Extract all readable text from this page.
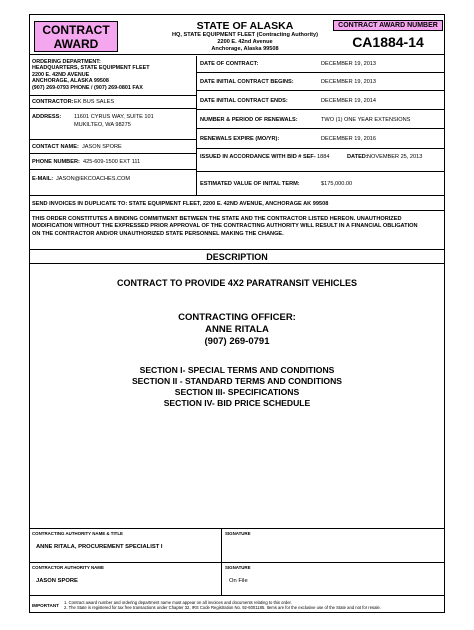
CONTRACT
AWARD
STATE OF ALASKA
HQ, STATE EQUIPMENT FLEET (Contracting Authority)
2200 E. 42nd Avenue
Anchorage, Alaska 99508
CONTRACT AWARD NUMBER
CA1884-14
ORDERING DEPARTMENT:
HEADQUARTERS, STATE EQUIPMENT FLEET
2200 E. 42ND AVENUE
ANCHORAGE, ALASKA 99508
(907) 269-0793 PHONE / (907) 269-0801 FAX
CONTRACTOR: EK BUS SALES
ADDRESS: 11601 CYRUS WAY, SUITE 101
MUKILTEO, WA 98275
CONTACT NAME: JASON SPORE
PHONE NUMBER: 425-609-1500 EXT 111
E-MAIL: JASON@EKCOACHES.COM
DATE OF CONTRACT:	DECEMBER 19, 2013
DATE INITIAL CONTRACT BEGINS:	DECEMBER 19, 2013
DATE INITIAL CONTRACT ENDS:	DECEMBER 19, 2014
NUMBER & PERIOD OF RENEWALS:	TWO (1) ONE YEAR EXTENSIONS
RENEWALS EXPIRE (MO/YR):	DECEMBER 19, 2016
ISSUED IN ACCORDANCE WITH BID # SEF- 1884	DATED: NOVEMBER 25, 2013
ESTIMATED VALUE OF INITAL TERM:	$175,000.00
SEND INVOICES IN DUPLICATE TO: STATE EQUIPMENT FLEET, 2200 E. 42ND AVENUE, ANCHORAGE AK 99508
THIS ORDER CONSTITUTES A BINDING COMMITMENT BETWEEN THE STATE AND THE CONTRACTOR LISTED HEREON. UNAUTHORIZED
MODIFICATION WITHOUT THE EXPRESSED PRIOR APPROVAL OF THE CONTRACTING AUTHORITY WILL RESULT IN A FINANCIAL OBLIGATION
ON THE CONTRACTOR AND/OR UNAUTHORIZED STATE PERSONNEL MAKING THE CHANGE.
DESCRIPTION
CONTRACT TO PROVIDE 4X2 PARATRANSIT VEHICLES
CONTRACTING OFFICER:
ANNE RITALA
(907) 269-0791
SECTION I- SPECIAL TERMS AND CONDITIONS
SECTION II - STANDARD TERMS AND CONDITIONS
SECTION III- SPECIFICATIONS
SECTION IV- BID PRICE SCHEDULE
CONTRACTING AUTHORITY NAME & TITLE
ANNE RITALA, PROCUREMENT SPECIALIST I
SIGNATURE
CONTRACTOR AUTHORITY NAME
JASON SPORE
SIGNATURE
On File
IMPORTANT
1. Contract award number and ordering department name must appear on all invoices and documents relating to this order.
2. The State is registered for tax free transactions under Chapter 32, IRS Code Registration No. 92-6001185. Items are for the exclusive use of the State and not for resale.
